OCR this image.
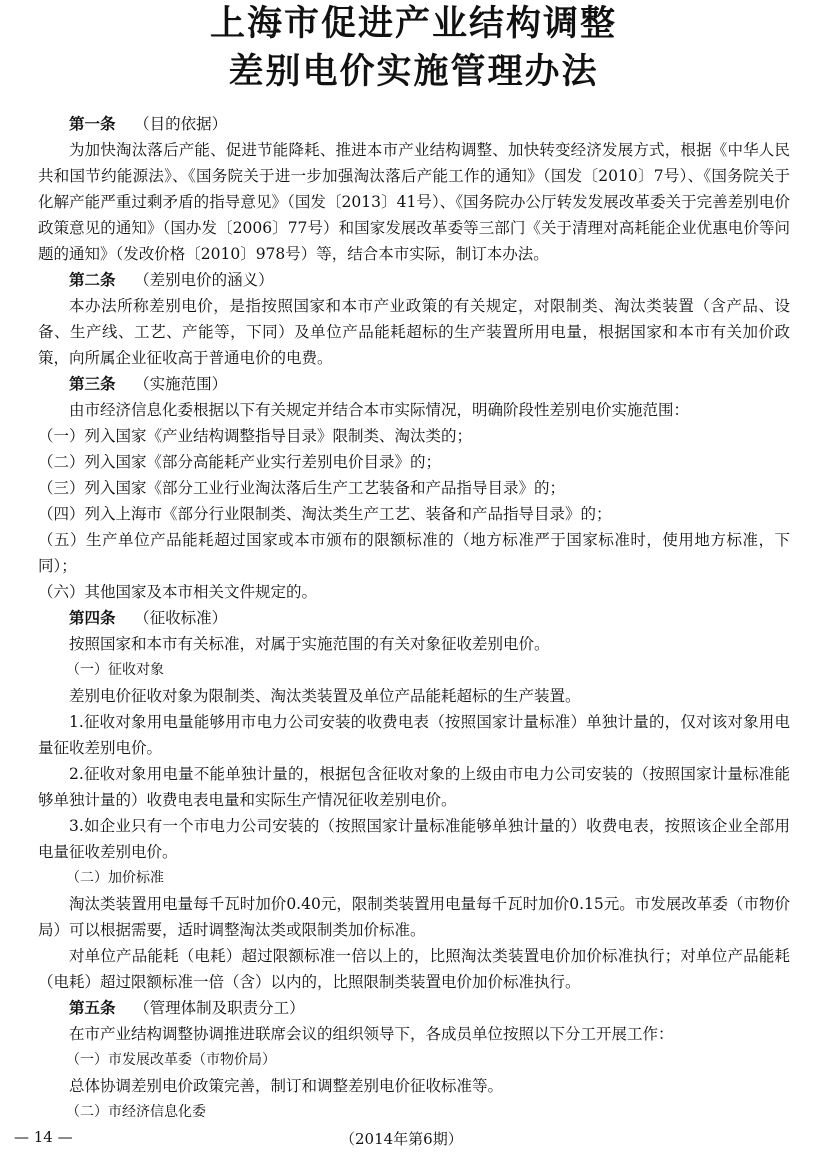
上海市促进产业结构调整
差别电价实施管理办法

第一条 （目的依据）

为加快淘汰落后产能、促进节能降耗、推进本市产业结构调整、加快转变经济发展方式，根据《中华人民共和国节约能源法》、《国务院关于进一步加强淘汰落后产能工作的通知》（国发〔2010〕7号）、《国务院关于化解产能严重过剩矛盾的指导意见》（国发〔2013〕41号）、《国务院办公厅转发发展改革委关于完善差别电价政策意见的通知》（国办发〔2006〕77号）和国家发展改革委等三部门《关于清理对高耗能企业优惠电价等问题的通知》（发改价格〔2010〕978号）等，结合本市实际，制订本办法。

第二条 （差别电价的涵义）

本办法所称差别电价，是指按照国家和本市产业政策的有关规定，对限制类、淘汰类装置（含产品、设备、生产线、工艺、产能等，下同）及单位产品能耗超标的生产装置所用电量，根据国家和本市有关加价政策，向所属企业征收高于普通电价的电费。

第三条 （实施范围）

由市经济信息化委根据以下有关规定并结合本市实际情况，明确阶段性差别电价实施范围：

（一）列入国家《产业结构调整指导目录》限制类、淘汰类的；

（二）列入国家《部分高能耗产业实行差别电价目录》的；

（三）列入国家《部分工业行业淘汰落后生产工艺装备和产品指导目录》的；

（四）列入上海市《部分行业限制类、淘汰类生产工艺、装备和产品指导目录》的；

（五）生产单位产品能耗超过国家或本市颁布的限额标准的（地方标准严于国家标准时，使用地方标准，下同）；

（六）其他国家及本市相关文件规定的。

第四条 （征收标准）

按照国家和本市有关标准，对属于实施范围的有关对象征收差别电价。

（一）征收对象

差别电价征收对象为限制类、淘汰类装置及单位产品能耗超标的生产装置。

1.征收对象用电量能够用市电力公司安装的收费电表（按照国家计量标准）单独计量的，仅对该对象用电量征收差别电价。

2.征收对象用电量不能单独计量的，根据包含征收对象的上级由市电力公司安装的（按照国家计量标准能够单独计量的）收费电表电量和实际生产情况征收差别电价。

3.如企业只有一个市电力公司安装的（按照国家计量标准能够单独计量的）收费电表，按照该企业全部用电量征收差别电价。

（二）加价标准

淘汰类装置用电量每千瓦时加价0.40元，限制类装置用电量每千瓦时加价0.15元。市发展改革委（市物价局）可以根据需要，适时调整淘汰类或限制类加价标准。

对单位产品能耗（电耗）超过限额标准一倍以上的，比照淘汰类装置电价加价标准执行；对单位产品能耗（电耗）超过限额标准一倍（含）以内的，比照限制类装置电价加价标准执行。

第五条 （管理体制及职责分工）

在市产业结构调整协调推进联席会议的组织领导下，各成员单位按照以下分工开展工作：

（一）市发展改革委（市物价局）

总体协调差别电价政策完善，制订和调整差别电价征收标准等。

（二）市经济信息化委

— 14 —	（2014年第6期）
